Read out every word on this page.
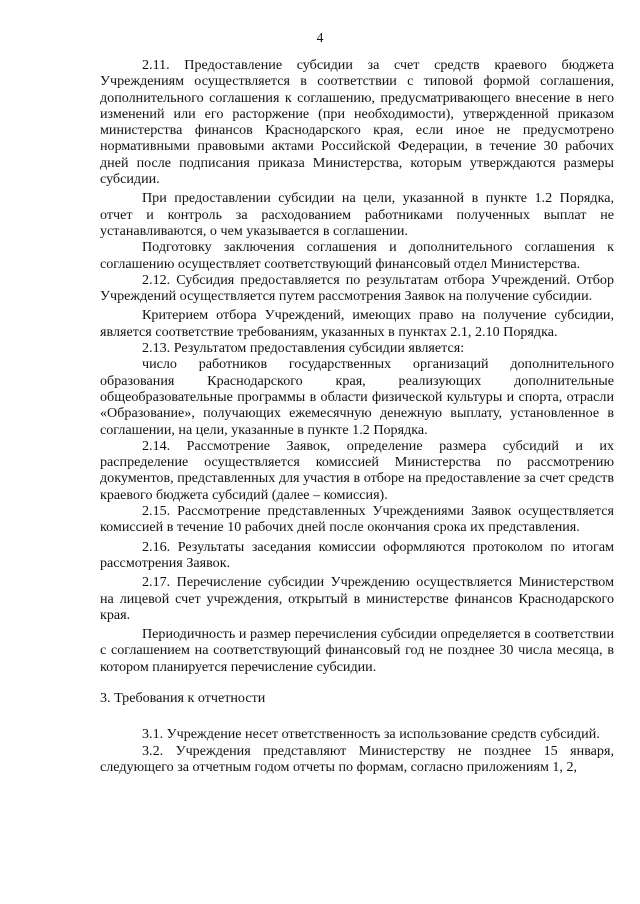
4

2.11. Предоставление субсидии за счет средств краевого бюджета Учреждениям осуществляется в соответствии с типовой формой соглашения, дополнительного соглашения к соглашению, предусматривающего внесение в него изменений или его расторжение (при необходимости), утвержденной приказом министерства финансов Краснодарского края, если иное не предусмотрено нормативными правовыми актами Российской Федерации, в течение 30 рабочих дней после подписания приказа Министерства, которым утверждаются размеры субсидии.

При предоставлении субсидии на цели, указанной в пункте 1.2 Порядка, отчет и контроль за расходованием работниками полученных выплат не устанавливаются, о чем указывается в соглашении.

Подготовку заключения соглашения и дополнительного соглашения к соглашению осуществляет соответствующий финансовый отдел Министерства.

2.12. Субсидия предоставляется по результатам отбора Учреждений. Отбор Учреждений осуществляется путем рассмотрения Заявок на получение субсидии.

Критерием отбора Учреждений, имеющих право на получение субсидии, является соответствие требованиям, указанных в пунктах 2.1, 2.10 Порядка.

2.13. Результатом предоставления субсидии является:

число работников государственных организаций дополнительного образования Краснодарского края, реализующих дополнительные общеобразовательные программы в области физической культуры и спорта, отрасли «Образование», получающих ежемесячную денежную выплату, установленное в соглашении, на цели, указанные в пункте 1.2 Порядка.

2.14. Рассмотрение Заявок, определение размера субсидий и их распределение осуществляется комиссией Министерства по рассмотрению документов, представленных для участия в отборе на предоставление за счет средств краевого бюджета субсидий (далее – комиссия).

2.15. Рассмотрение представленных Учреждениями Заявок осуществляется комиссией в течение 10 рабочих дней после окончания срока их представления.

2.16. Результаты заседания комиссии оформляются протоколом по итогам рассмотрения Заявок.

2.17. Перечисление субсидии Учреждению осуществляется Министерством на лицевой счет учреждения, открытый в министерстве финансов Краснодарского края.

Периодичность и размер перечисления субсидии определяется в соответствии с соглашением на соответствующий финансовый год не позднее 30 числа месяца, в котором планируется перечисление субсидии.

3. Требования к отчетности

3.1. Учреждение несет ответственность за использование средств субсидий.

3.2. Учреждения представляют Министерству не позднее 15 января, следующего за отчетным годом отчеты по формам, согласно приложениям 1, 2,
